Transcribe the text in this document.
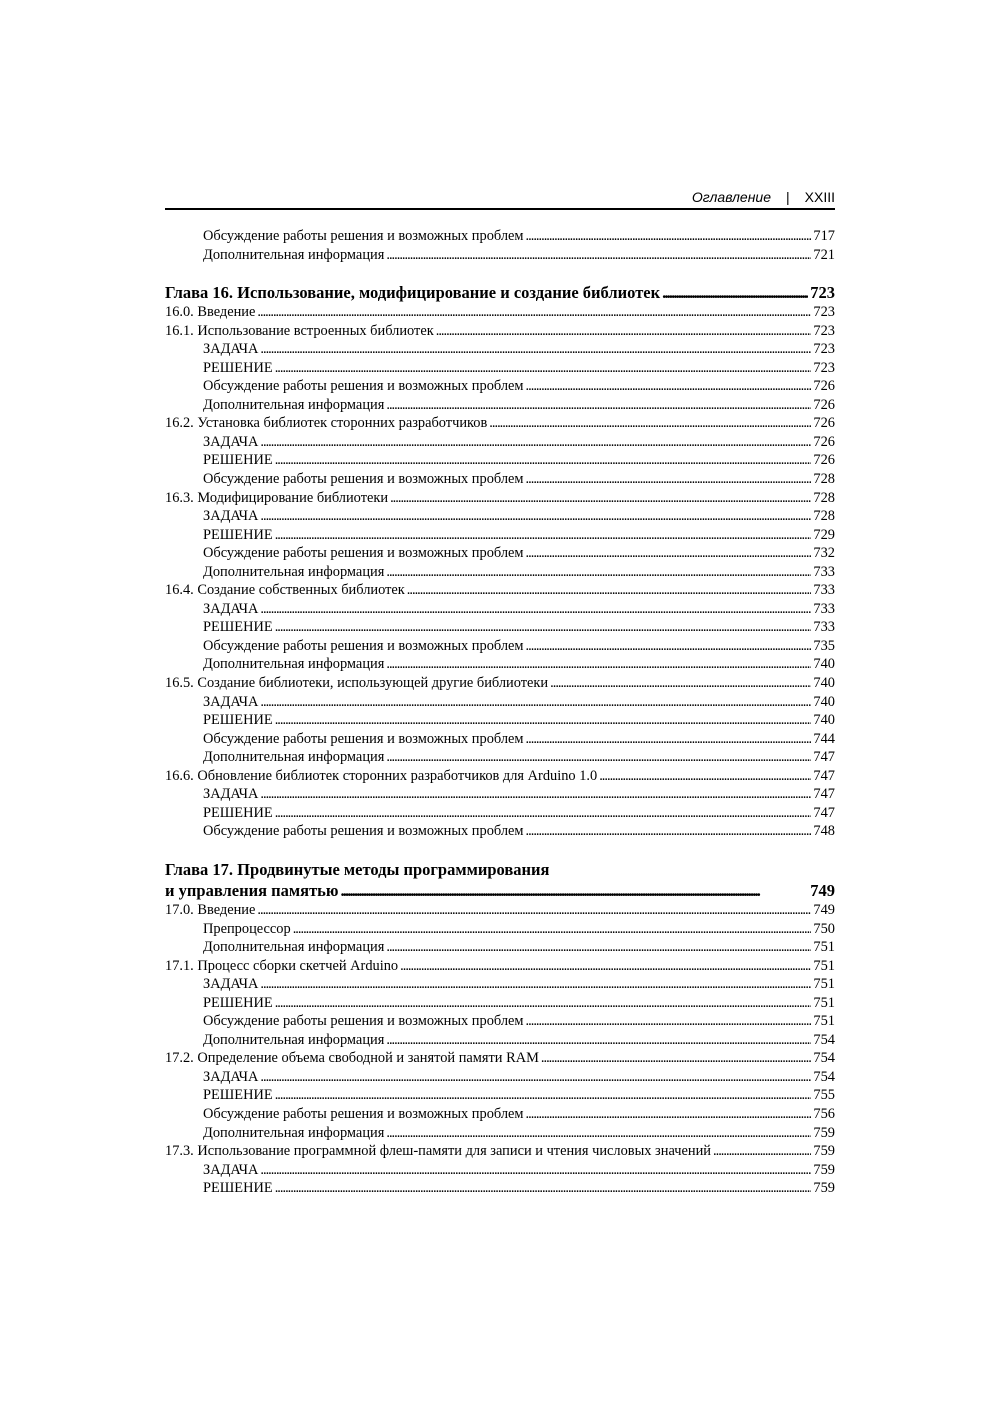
Оглавление | XXIII
Обсуждение работы решения и возможных проблем . . .	717
Дополнительная информация . . .	721
Глава 16. Использование, модифицирование и создание библиотек . . .	723
16.0. Введение . . .	723
16.1. Использование встроенных библиотек . . .	723
ЗАДАЧА . . .	723
РЕШЕНИЕ . . .	723
Обсуждение работы решения и возможных проблем . . .	726
Дополнительная информация . . .	726
16.2. Установка библиотек сторонних разработчиков . . .	726
ЗАДАЧА . . .	726
РЕШЕНИЕ . . .	726
Обсуждение работы решения и возможных проблем . . .	728
16.3. Модифицирование библиотеки . . .	728
ЗАДАЧА . . .	728
РЕШЕНИЕ . . .	729
Обсуждение работы решения и возможных проблем . . .	732
Дополнительная информация . . .	733
16.4. Создание собственных библиотек . . .	733
ЗАДАЧА . . .	733
РЕШЕНИЕ . . .	733
Обсуждение работы решения и возможных проблем . . .	735
Дополнительная информация . . .	740
16.5. Создание библиотеки, использующей другие библиотеки . . .	740
ЗАДАЧА . . .	740
РЕШЕНИЕ . . .	740
Обсуждение работы решения и возможных проблем . . .	744
Дополнительная информация . . .	747
16.6. Обновление библиотек сторонних разработчиков для Arduino 1.0 . . .	747
ЗАДАЧА . . .	747
РЕШЕНИЕ . . .	747
Обсуждение работы решения и возможных проблем . . .	748
Глава 17. Продвинутые методы программирования
и управления памятью . . .	749
17.0. Введение . . .	749
Препроцессор . . .	750
Дополнительная информация . . .	751
17.1. Процесс сборки скетчей Arduino . . .	751
ЗАДАЧА . . .	751
РЕШЕНИЕ . . .	751
Обсуждение работы решения и возможных проблем . . .	751
Дополнительная информация . . .	754
17.2. Определение объема свободной и занятой памяти RAM . . .	754
ЗАДАЧА . . .	754
РЕШЕНИЕ . . .	755
Обсуждение работы решения и возможных проблем . . .	756
Дополнительная информация . . .	759
17.3. Использование программной флеш-памяти для записи и чтения числовых значений . . .	759
ЗАДАЧА . . .	759
РЕШЕНИЕ . . .	759
